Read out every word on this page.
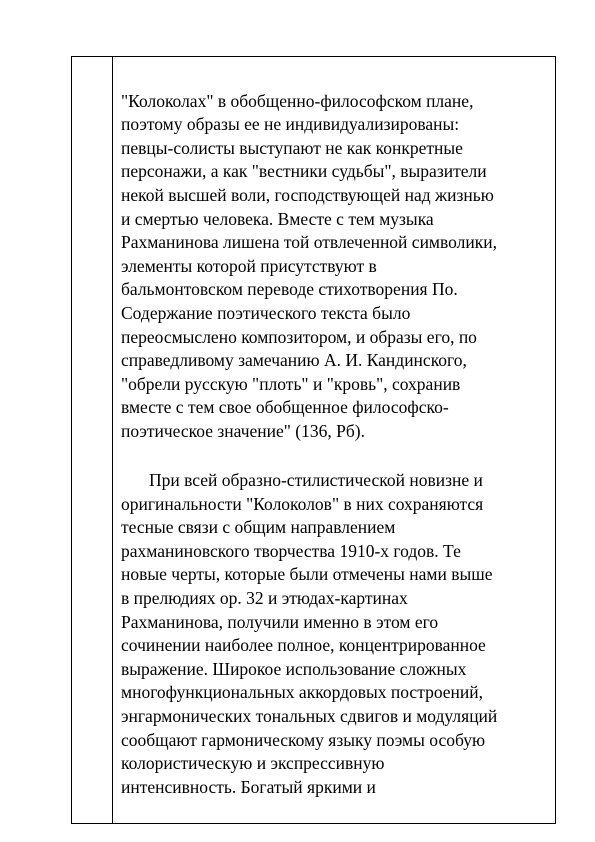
"Колоколах" в обобщенно-философском плане,
поэтому образы ее не индивидуализированы:
певцы-солисты выступают не как конкретные
персонажи, а как "вестники судьбы", выразители
некой высшей воли, господствующей над жизнью
и смертью человека. Вместе с тем музыка
Рахманинова лишена той отвлеченной символики,
элементы которой присутствуют в
бальмонтовском переводе стихотворения По.
Содержание поэтического текста было
переосмыслено композитором, и образы его, по
справедливому замечанию А. И. Кандинского,
"обрели русскую "плоть" и "кровь", сохранив
вместе с тем свое обобщенное философско-
поэтическое значение" (136, Рб).

При всей образно-стилистической новизне и
оригинальности "Колоколов" в них сохраняются
тесные связи с общим направлением
рахманиновского творчества 1910-х годов. Те
новые черты, которые были отмечены нами выше
в прелюдиях ор. 32 и этюдах-картинах
Рахманинова, получили именно в этом его
сочинении наиболее полное, концентрированное
выражение. Широкое использование сложных
многофункциональных аккордовых построений,
энгармонических тональных сдвигов и модуляций
сообщают гармоническому языку поэмы особую
колористическую и экспрессивную
интенсивность. Богатый яркими и
